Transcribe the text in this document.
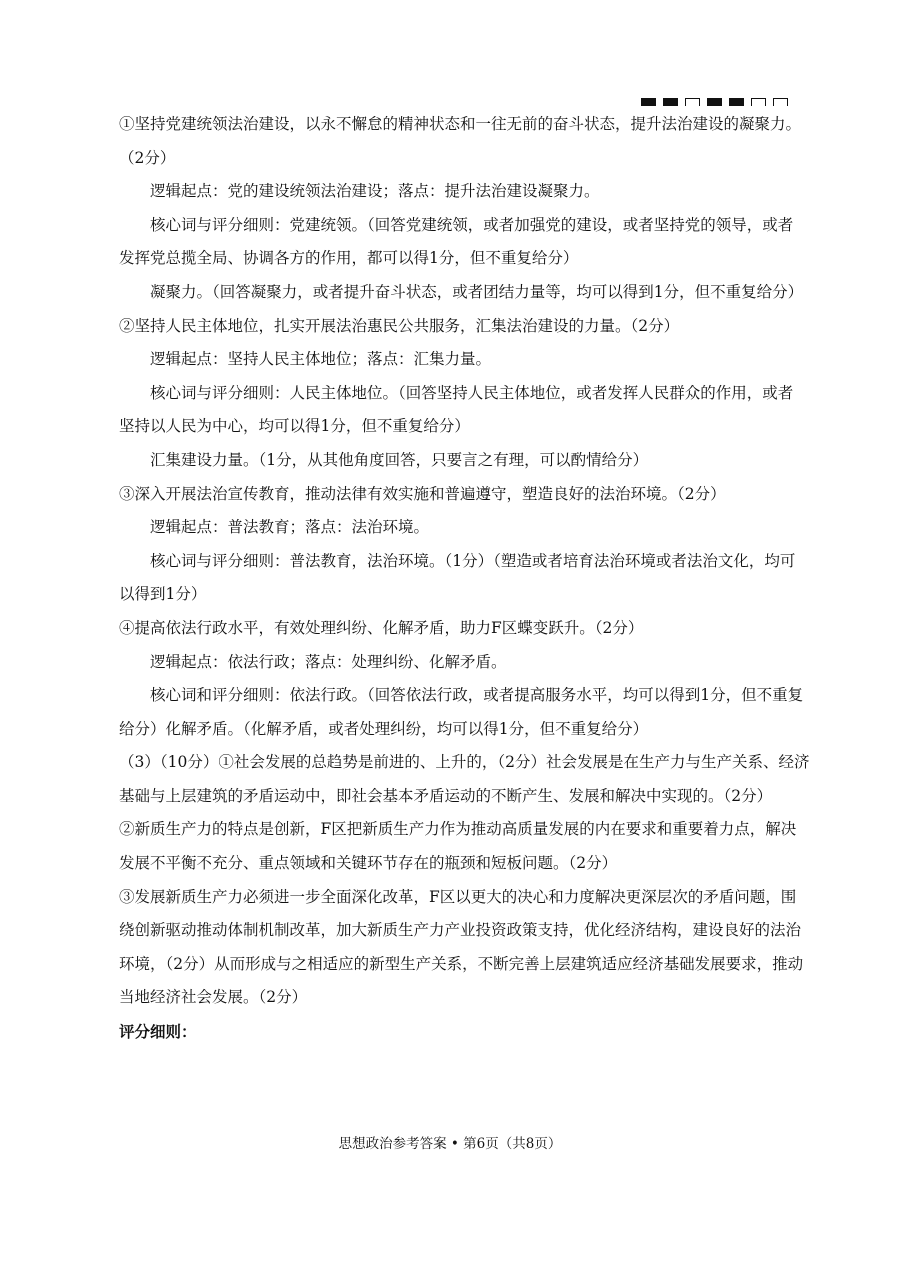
①坚持党建统领法治建设，以永不懈怠的精神状态和一往无前的奋斗状态，提升法治建设的凝聚力。
（2分）
逻辑起点：党的建设统领法治建设；落点：提升法治建设凝聚力。
核心词与评分细则：党建统领。（回答党建统领，或者加强党的建设，或者坚持党的领导，或者
发挥党总揽全局、协调各方的作用，都可以得1分，但不重复给分）
凝聚力。（回答凝聚力，或者提升奋斗状态，或者团结力量等，均可以得到1分，但不重复给分）
②坚持人民主体地位，扎实开展法治惠民公共服务，汇集法治建设的力量。（2分）
逻辑起点：坚持人民主体地位；落点：汇集力量。
核心词与评分细则：人民主体地位。（回答坚持人民主体地位，或者发挥人民群众的作用，或者
坚持以人民为中心，均可以得1分，但不重复给分）
汇集建设力量。（1分，从其他角度回答，只要言之有理，可以酌情给分）
③深入开展法治宣传教育，推动法律有效实施和普遍遵守，塑造良好的法治环境。（2分）
逻辑起点：普法教育；落点：法治环境。
核心词与评分细则：普法教育，法治环境。（1分）（塑造或者培育法治环境或者法治文化，均可
以得到1分）
④提高依法行政水平，有效处理纠纷、化解矛盾，助力F区蝶变跃升。（2分）
逻辑起点：依法行政；落点：处理纠纷、化解矛盾。
核心词和评分细则：依法行政。（回答依法行政，或者提高服务水平，均可以得到1分，但不重复
给分）化解矛盾。（化解矛盾，或者处理纠纷，均可以得1分，但不重复给分）
（3）（10分）①社会发展的总趋势是前进的、上升的，（2分）社会发展是在生产力与生产关系、经济
基础与上层建筑的矛盾运动中，即社会基本矛盾运动的不断产生、发展和解决中实现的。（2分）
②新质生产力的特点是创新，F区把新质生产力作为推动高质量发展的内在要求和重要着力点，解决
发展不平衡不充分、重点领域和关键环节存在的瓶颈和短板问题。（2分）
③发展新质生产力必须进一步全面深化改革，F区以更大的决心和力度解决更深层次的矛盾问题，围
绕创新驱动推动体制机制改革，加大新质生产力产业投资政策支持，优化经济结构，建设良好的法治
环境，（2分）从而形成与之相适应的新型生产关系，不断完善上层建筑适应经济基础发展要求，推动
当地经济社会发展。（2分）
评分细则：
思想政治参考答案 • 第6页（共8页）
